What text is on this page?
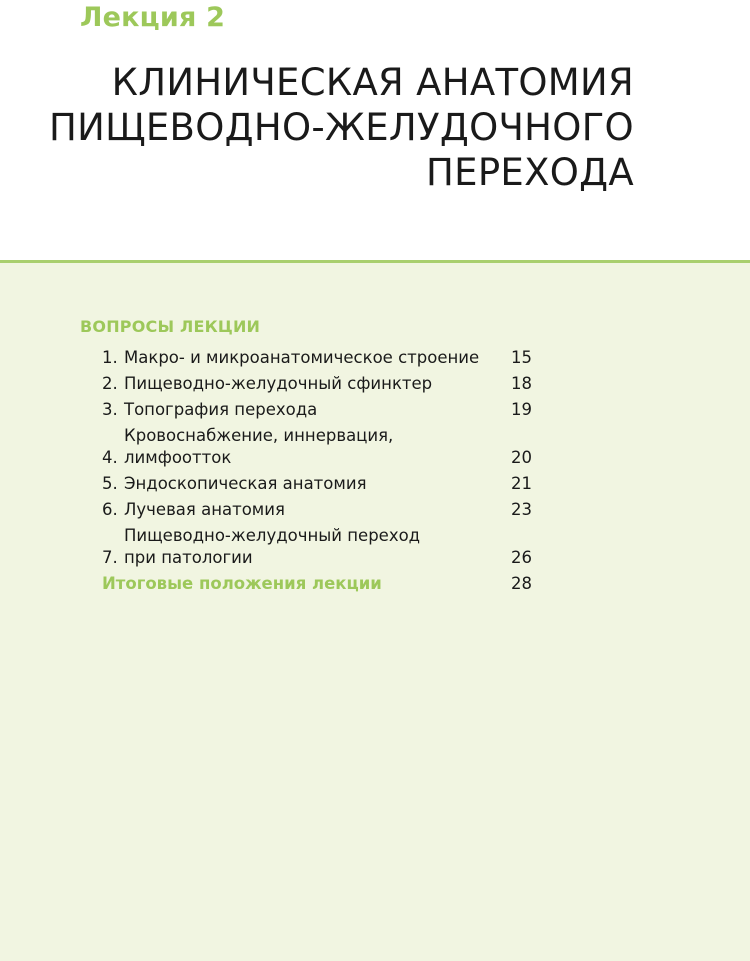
Лекция 2
КЛИНИЧЕСКАЯ АНАТОМИЯ
ПИЩЕВОДНО-ЖЕЛУДОЧНОГО
ПЕРЕХОДА
ВОПРОСЫ ЛЕКЦИИ
1. Макро- и микроанатомическое строение	15
2. Пищеводно-желудочный сфинктер	18
3. Топография перехода	19
4.
Кровоснабжение, иннервация,
лимфоотток	20
5. Эндоскопическая анатомия	21
6. Лучевая анатомия	23
7.
Пищеводно-желудочный переход
при патологии	26
Итоговые положения лекции	28
